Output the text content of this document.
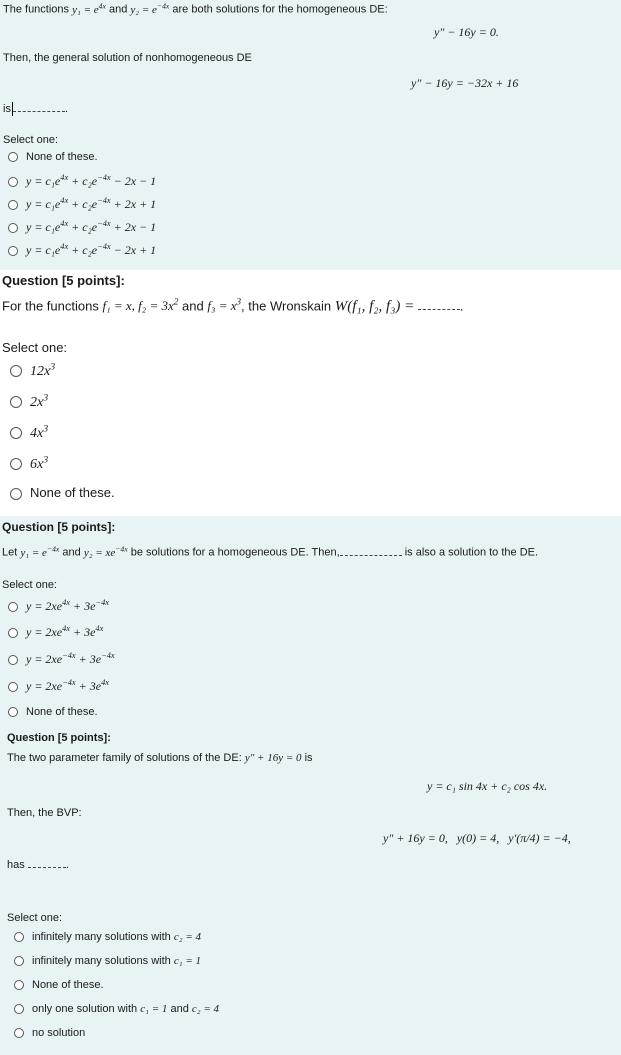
The functions $y_1 = e^{4x}$ and $y_2 = e^{-4x}$ are both solutions for the homogeneous DE:
y″ − 16y = 0.
Then, the general solution of nonhomogeneous DE
y″ − 16y = −32x + 16
is	.
Select one:
None of these.
$y = c_1e^{4x} + c_2e^{-4x} - 2x - 1$
$y = c_1e^{4x} + c_2e^{-4x} + 2x + 1$
$y = c_1e^{4x} + c_2e^{-4x} + 2x - 1$
$y = c_1e^{4x} + c_2e^{-4x} - 2x + 1$
Question [5 points]:
For the functions f₁ = x, $f_2 = 3x^2$ and $f_3 = x^3$, the Wronskain W(f₁, f₂, f₃) =	.
Select one:
$12x^3$
$2x^3$
$4x^3$
$6x^3$
None of these.
Question [5 points]:
Let $y_1 = e^{-4x}$ and $y_2 = xe^{-4x}$ be solutions for a homogeneous DE. Then,	is also a solution to the DE.
Select one:
$y = 2xe^{4x} + 3e^{-4x}$
$y = 2xe^{4x} + 3e^{4x}$
$y = 2xe^{-4x} + 3e^{-4x}$
$y = 2xe^{-4x} + 3e^{4x}$
None of these.
Question [5 points]:
The two parameter family of solutions of the DE: y″ + 16y = 0 is
y = c₁ sin 4x + c₂ cos 4x.
Then, the BVP:
y″ + 16y = 0,   y(0) = 4,   y′(π/4) = −4,
has	.
Select one:
infinitely many solutions with c₂ = 4
infinitely many solutions with c₁ = 1
None of these.
only one solution with c₁ = 1 and c₂ = 4
no solution
